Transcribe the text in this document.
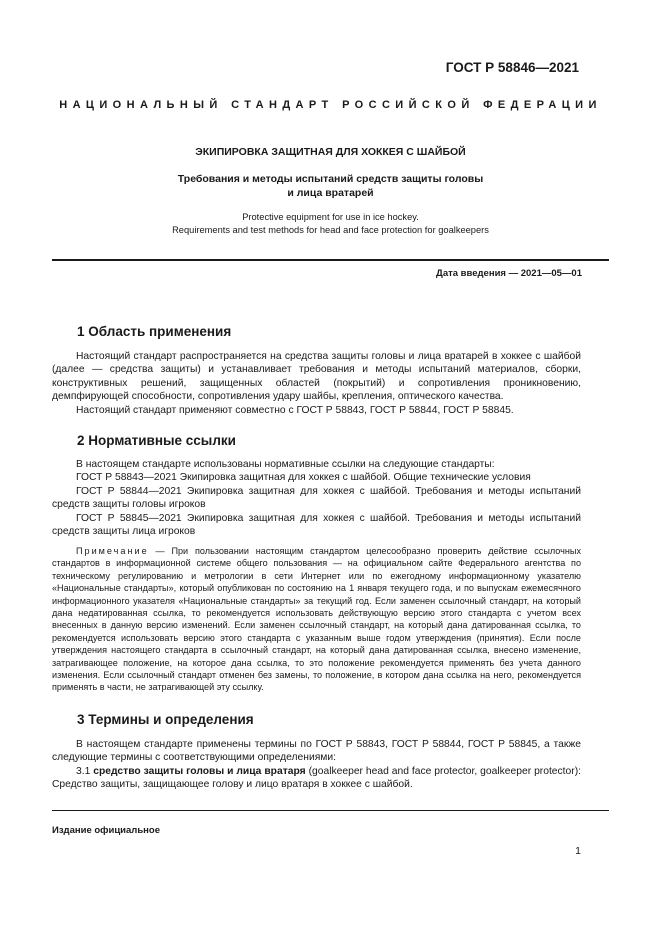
ГОСТ Р 58846—2021
НАЦИОНАЛЬНЫЙ СТАНДАРТ РОССИЙСКОЙ ФЕДЕРАЦИИ
ЭКИПИРОВКА ЗАЩИТНАЯ ДЛЯ ХОККЕЯ С ШАЙБОЙ
Требования и методы испытаний средств защиты головы
и лица вратарей
Protective equipment for use in ice hockey.
Requirements and test methods for head and face protection for goalkeepers
Дата введения — 2021—05—01
1 Область применения

Настоящий стандарт распространяется на средства защиты головы и лица вратарей в хоккее с шайбой (далее — средства защиты) и устанавливает требования и методы испытаний материалов, сборки, конструктивных решений, защищенных областей (покрытий) и сопротивления проникновению, демпфирующей способности, сопротивления удару шайбы, крепления, оптического качества.

Настоящий стандарт применяют совместно с ГОСТ Р 58843, ГОСТ Р 58844, ГОСТ Р 58845.

2 Нормативные ссылки

В настоящем стандарте использованы нормативные ссылки на следующие стандарты:

ГОСТ Р 58843—2021 Экипировка защитная для хоккея с шайбой. Общие технические условия

ГОСТ Р 58844—2021 Экипировка защитная для хоккея с шайбой. Требования и методы испытаний средств защиты головы игроков

ГОСТ Р 58845—2021 Экипировка защитная для хоккея с шайбой. Требования и методы испытаний средств защиты лица игроков

Примечание — При пользовании настоящим стандартом целесообразно проверить действие ссылочных стандартов в информационной системе общего пользования — на официальном сайте Федерального агентства по техническому регулированию и метрологии в сети Интернет или по ежегодному информационному указателю «Национальные стандарты», который опубликован по состоянию на 1 января текущего года, и по выпускам ежемесячного информационного указателя «Национальные стандарты» за текущий год. Если заменен ссылочный стандарт, на который дана недатированная ссылка, то рекомендуется использовать действующую версию этого стандарта с учетом всех внесенных в данную версию изменений. Если заменен ссылочный стандарт, на который дана датированная ссылка, то рекомендуется использовать версию этого стандарта с указанным выше годом утверждения (принятия). Если после утверждения настоящего стандарта в ссылочный стандарт, на который дана датированная ссылка, внесено изменение, затрагивающее положение, на которое дана ссылка, то это положение рекомендуется применять без учета данного изменения. Если ссылочный стандарт отменен без замены, то положение, в котором дана ссылка на него, рекомендуется применять в части, не затрагивающей эту ссылку.

3 Термины и определения

В настоящем стандарте применены термины по ГОСТ Р 58843, ГОСТ Р 58844, ГОСТ Р 58845, а также следующие термины с соответствующими определениями:

3.1 средство защиты головы и лица вратаря (goalkeeper head and face protector, goalkeeper protector): Средство защиты, защищающее голову и лицо вратаря в хоккее с шайбой.

Издание официальное
1
